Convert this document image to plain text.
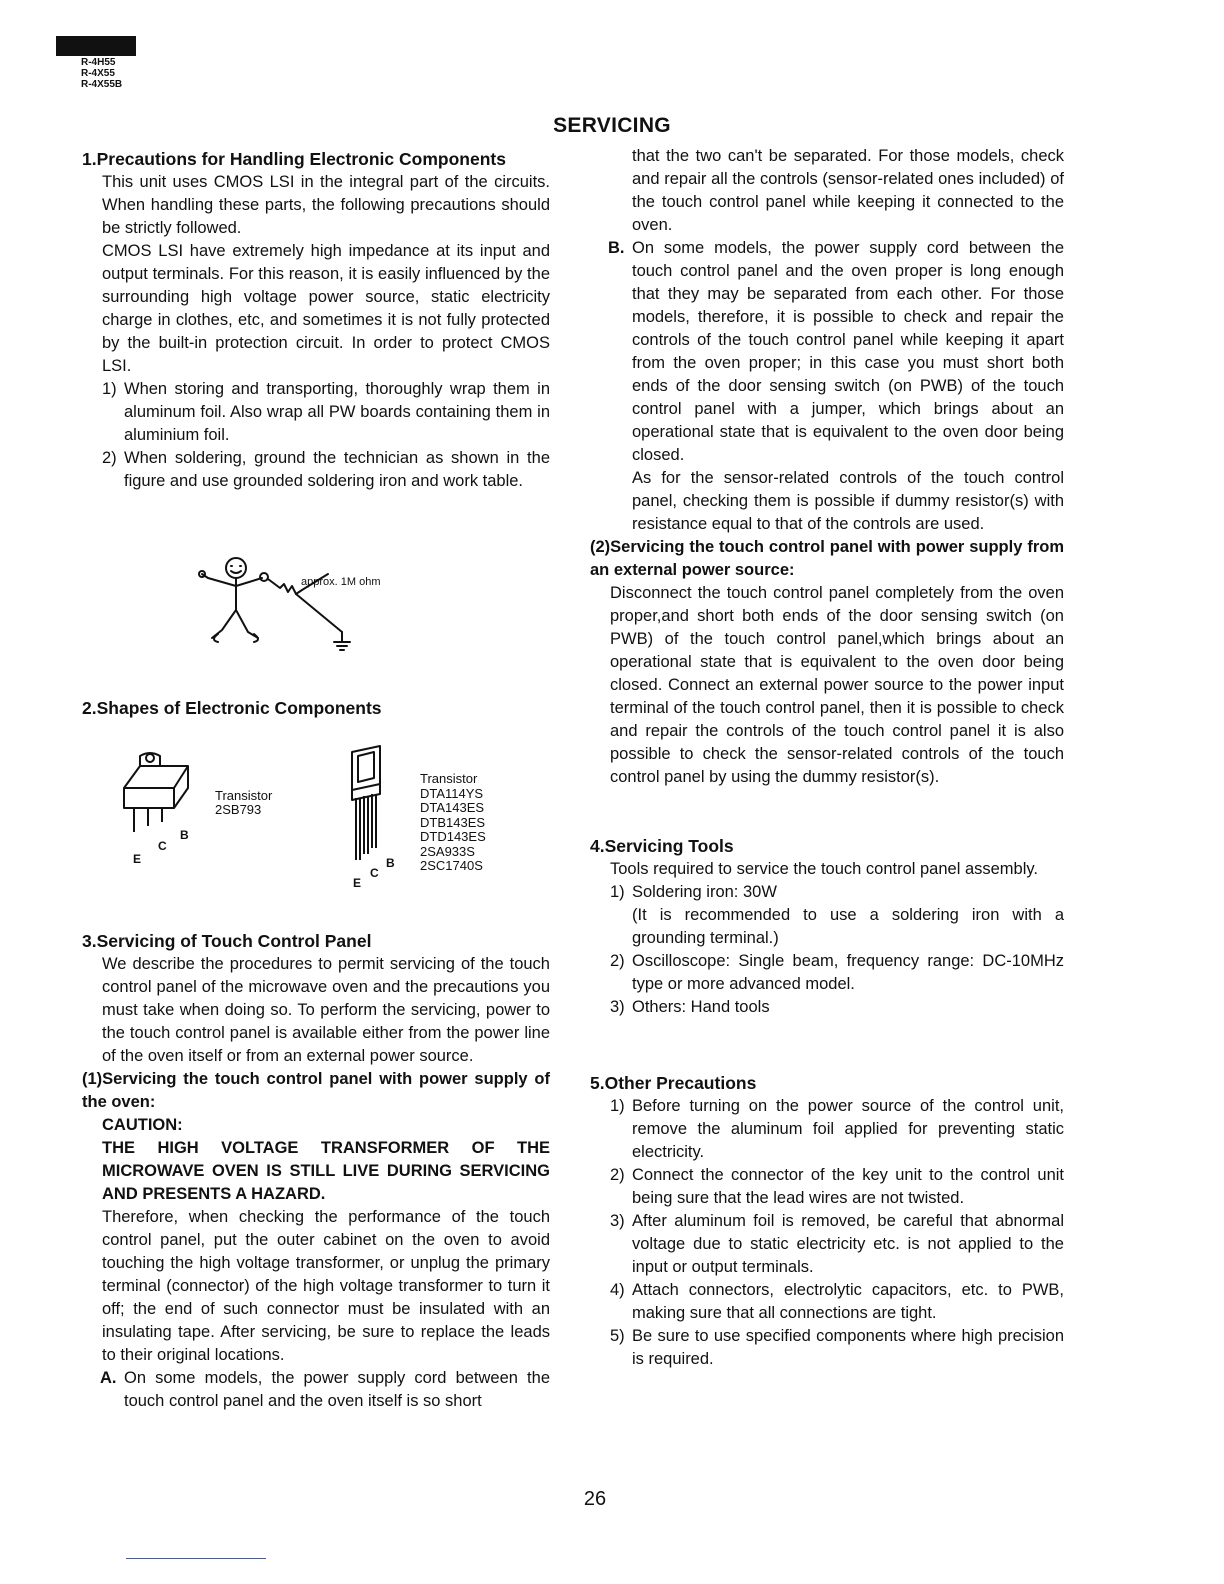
R-4H55
R-4X55
R-4X55B
SERVICING
1.Precautions for Handling Electronic Components

This unit uses CMOS LSI in the integral part of the circuits. When handling these parts, the following precautions should be strictly followed.

CMOS LSI have extremely high impedance at its input and output terminals. For this reason, it is easily influenced by the surrounding high voltage power source, static electricity charge in clothes, etc, and sometimes it is not fully protected by the built-in protection circuit. In order to protect CMOS LSI.

1) When storing and transporting, thoroughly wrap them in aluminum foil. Also wrap all PW boards containing them in aluminium foil.
2) When soldering, ground the technician as shown in the figure and use grounded soldering iron and work table.
approx. 1M ohm
2.Shapes of Electronic Components
E
C
B
Transistor
2SB793
E
C
B
Transistor
DTA114YS
DTA143ES
DTB143ES
DTD143ES
2SA933S
2SC1740S
3.Servicing of Touch Control Panel

We describe the procedures to permit servicing of the touch control panel of the microwave oven and the precautions you must take when doing so. To perform the servicing, power to the touch control panel is available either from the power line of the oven itself or from an external power source.

(1)Servicing the touch control panel with power supply of the oven:

CAUTION:

THE HIGH VOLTAGE TRANSFORMER OF THE MICROWAVE OVEN IS STILL LIVE DURING SERVICING AND PRESENTS A HAZARD.

Therefore, when checking the performance of the touch control panel, put the outer cabinet on the oven to avoid touching the high voltage transformer, or unplug the primary terminal (connector) of the high voltage transformer to turn it off; the end of such connector must be insulated with an insulating tape. After servicing, be sure to replace the leads to their original locations.

A. On some models, the power supply cord between the touch control panel and the oven itself is so short

that the two can't be separated. For those models, check and repair all the controls (sensor-related ones included) of the touch control panel while keeping it connected to the oven.

B. On some models, the power supply cord between the touch control panel and the oven proper is long enough that they may be separated from each other. For those models, therefore, it is possible to check and repair the controls of the touch control panel while keeping it apart from the oven proper; in this case you must short both ends of the door sensing switch (on PWB) of the touch control panel with a jumper, which brings about an operational state that is equivalent to the oven door being closed.

As for the sensor-related controls of the touch control panel, checking them is possible if dummy resistor(s) with resistance equal to that of the controls are used.

(2)Servicing the touch control panel with power supply from an external power source:

Disconnect the touch control panel completely from the oven proper,and short both ends of the door sensing switch (on PWB) of the touch control panel,which brings about an operational state that is equivalent to the oven door being closed. Connect an external power source to the power input terminal of the touch control panel, then it is possible to check and repair the controls of the touch control panel it is also possible to check the sensor-related controls of the touch control panel by using the dummy resistor(s).

4.Servicing Tools

Tools required to service the touch control panel assembly.

1) Soldering iron: 30W
(It is recommended to use a soldering iron with a grounding terminal.)
2) Oscilloscope: Single beam, frequency range: DC-10MHz type or more advanced model.
3) Others: Hand tools
5.Other Precautions
1) Before turning on the power source of the control unit, remove the aluminum foil applied for preventing static electricity.
2) Connect the connector of the key unit to the control unit being sure that the lead wires are not twisted.
3) After aluminum foil is removed, be careful that abnormal voltage due to static electricity etc. is not applied to the input or output terminals.
4) Attach connectors, electrolytic capacitors, etc. to PWB, making sure that all connections are tight.
5) Be sure to use specified components where high precision is required.
26
